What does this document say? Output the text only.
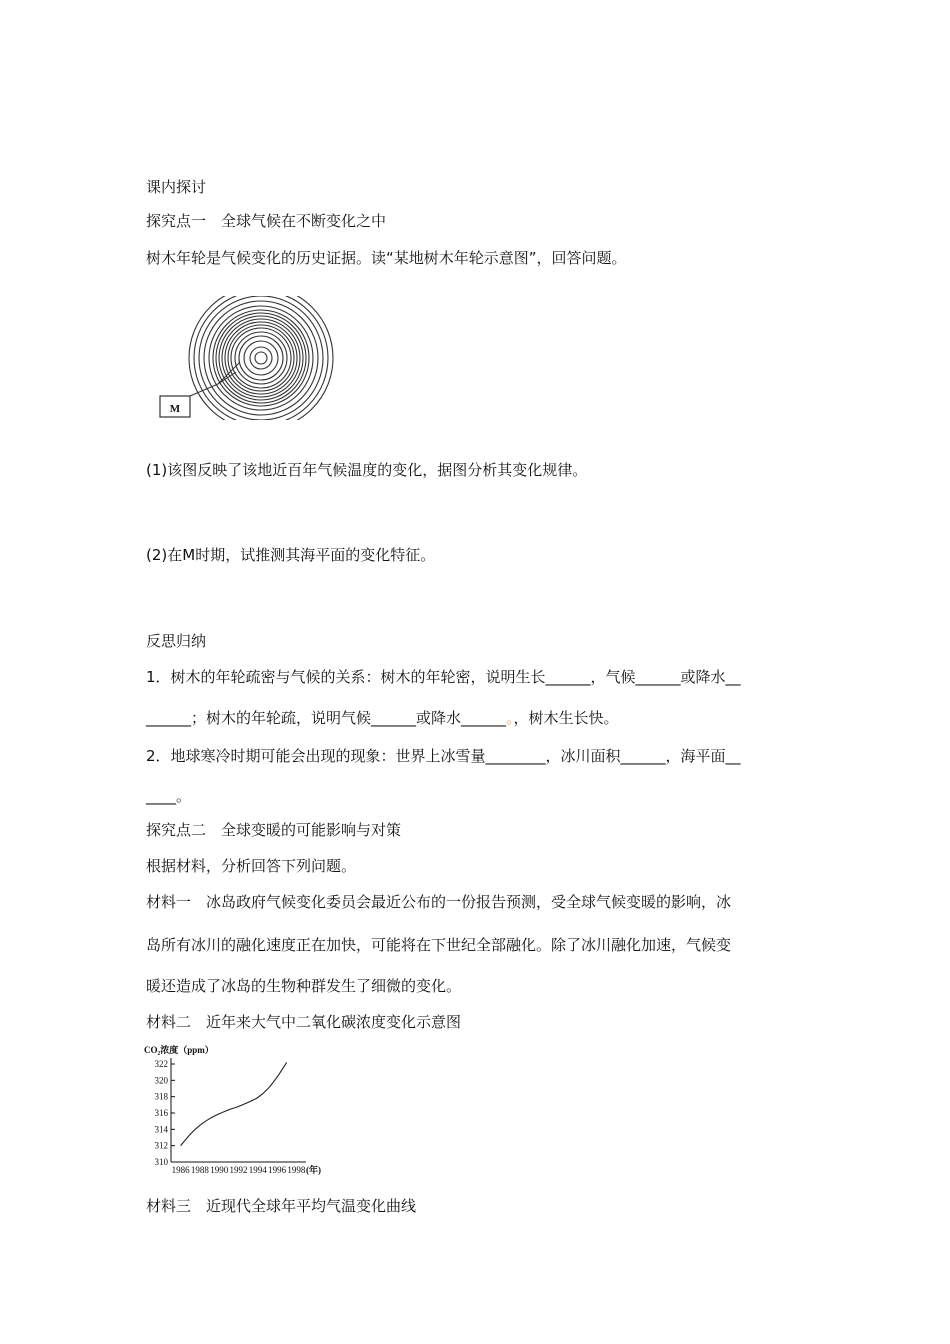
课内探讨
探究点一　全球气候在不断变化之中
树木年轮是气候变化的历史证据。读“某地树木年轮示意图”，回答问题。
M
(1)该图反映了该地近百年气候温度的变化，据图分析其变化规律。
(2)在M时期，试推测其海平面的变化特征。
反思归纳
1．树木的年轮疏密与气候的关系：树木的年轮密，说明生长______，气候______或降水__
______；树木的年轮疏，说明气候______或降水______。，树木生长快。
2．地球寒冷时期可能会出现的现象：世界上冰雪量________，冰川面积______，海平面__
____。
探究点二　全球变暖的可能影响与对策
根据材料，分析回答下列问题。
材料一　冰岛政府气候变化委员会最近公布的一份报告预测，受全球气候变暖的影响，冰
岛所有冰川的融化速度正在加快，可能将在下世纪全部融化。除了冰川融化加速，气候变
暖还造成了冰岛的生物种群发生了细微的变化。
材料二　近年来大气中二氧化碳浓度变化示意图
CO₂浓度（ppm）
310
312
314
316
318
320
322
1986 1988 1990 1992 1994 1996 1998 (年)
材料三　近现代全球年平均气温变化曲线
